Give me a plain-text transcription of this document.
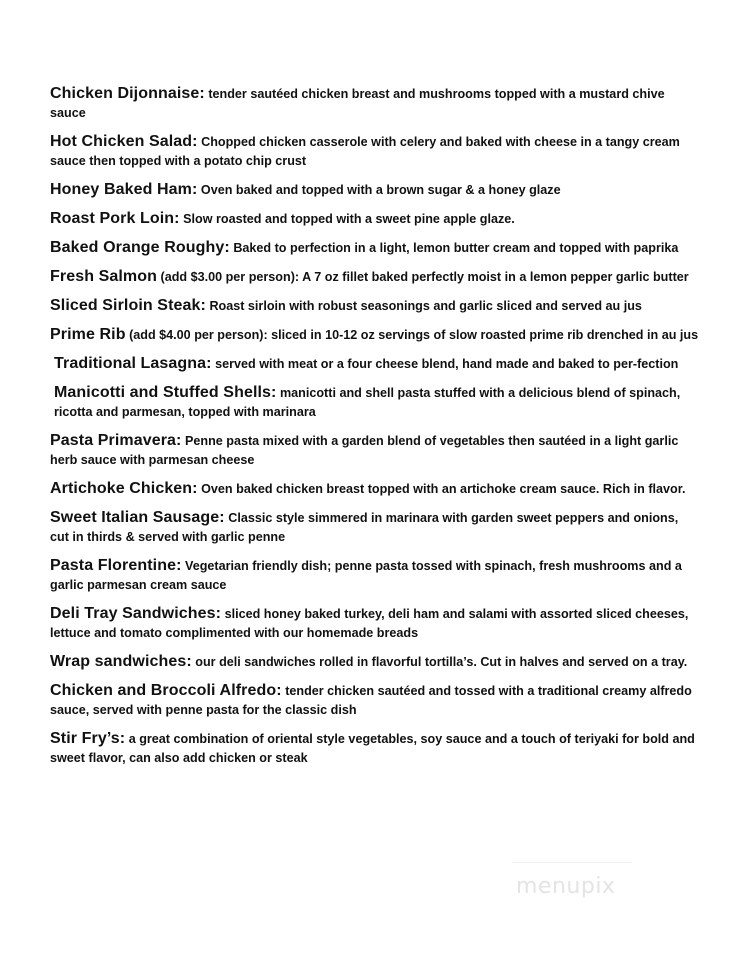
Chicken Dijonnaise: tender sautéed chicken breast and mushrooms topped with a mustard chive sauce
Hot Chicken Salad: Chopped chicken casserole with celery and baked with cheese in a tangy cream sauce then topped with a potato chip crust
Honey Baked Ham: Oven baked and topped with a brown sugar & a honey glaze
Roast Pork Loin: Slow roasted and topped with a sweet pine apple glaze.
Baked Orange Roughy: Baked to perfection in a light, lemon butter cream and topped with paprika
Fresh Salmon (add $3.00 per person): A 7 oz fillet baked perfectly moist in a lemon pepper garlic butter
Sliced Sirloin Steak: Roast sirloin with robust seasonings and garlic sliced and served au jus
Prime Rib (add $4.00 per person): sliced in 10-12 oz servings of slow roasted prime rib drenched in au jus
Traditional Lasagna: served with meat or a four cheese blend, hand made and baked to per-fection
Manicotti and Stuffed Shells: manicotti and shell pasta stuffed with a delicious blend of spinach, ricotta and parmesan, topped with marinara
Pasta Primavera: Penne pasta mixed with a garden blend of vegetables then sautéed in a light garlic herb sauce with parmesan cheese
Artichoke Chicken: Oven baked chicken breast topped with an artichoke cream sauce. Rich in flavor.
Sweet Italian Sausage: Classic style simmered in marinara with garden sweet peppers and onions, cut in thirds & served with garlic penne
Pasta Florentine: Vegetarian friendly dish; penne pasta tossed with spinach, fresh mushrooms and a garlic parmesan cream sauce
Deli Tray Sandwiches: sliced honey baked turkey, deli ham and salami with assorted sliced cheeses, lettuce and tomato complimented with our homemade breads
Wrap sandwiches: our deli sandwiches rolled in flavorful tortilla’s. Cut in halves and served on a tray.
Chicken and Broccoli Alfredo: tender chicken sautéed and tossed with a traditional creamy alfredo sauce, served with penne pasta for the classic dish
Stir Fry’s: a great combination of oriental style vegetables, soy sauce and a touch of teriyaki for bold and sweet flavor, can also add chicken or steak
menupix
